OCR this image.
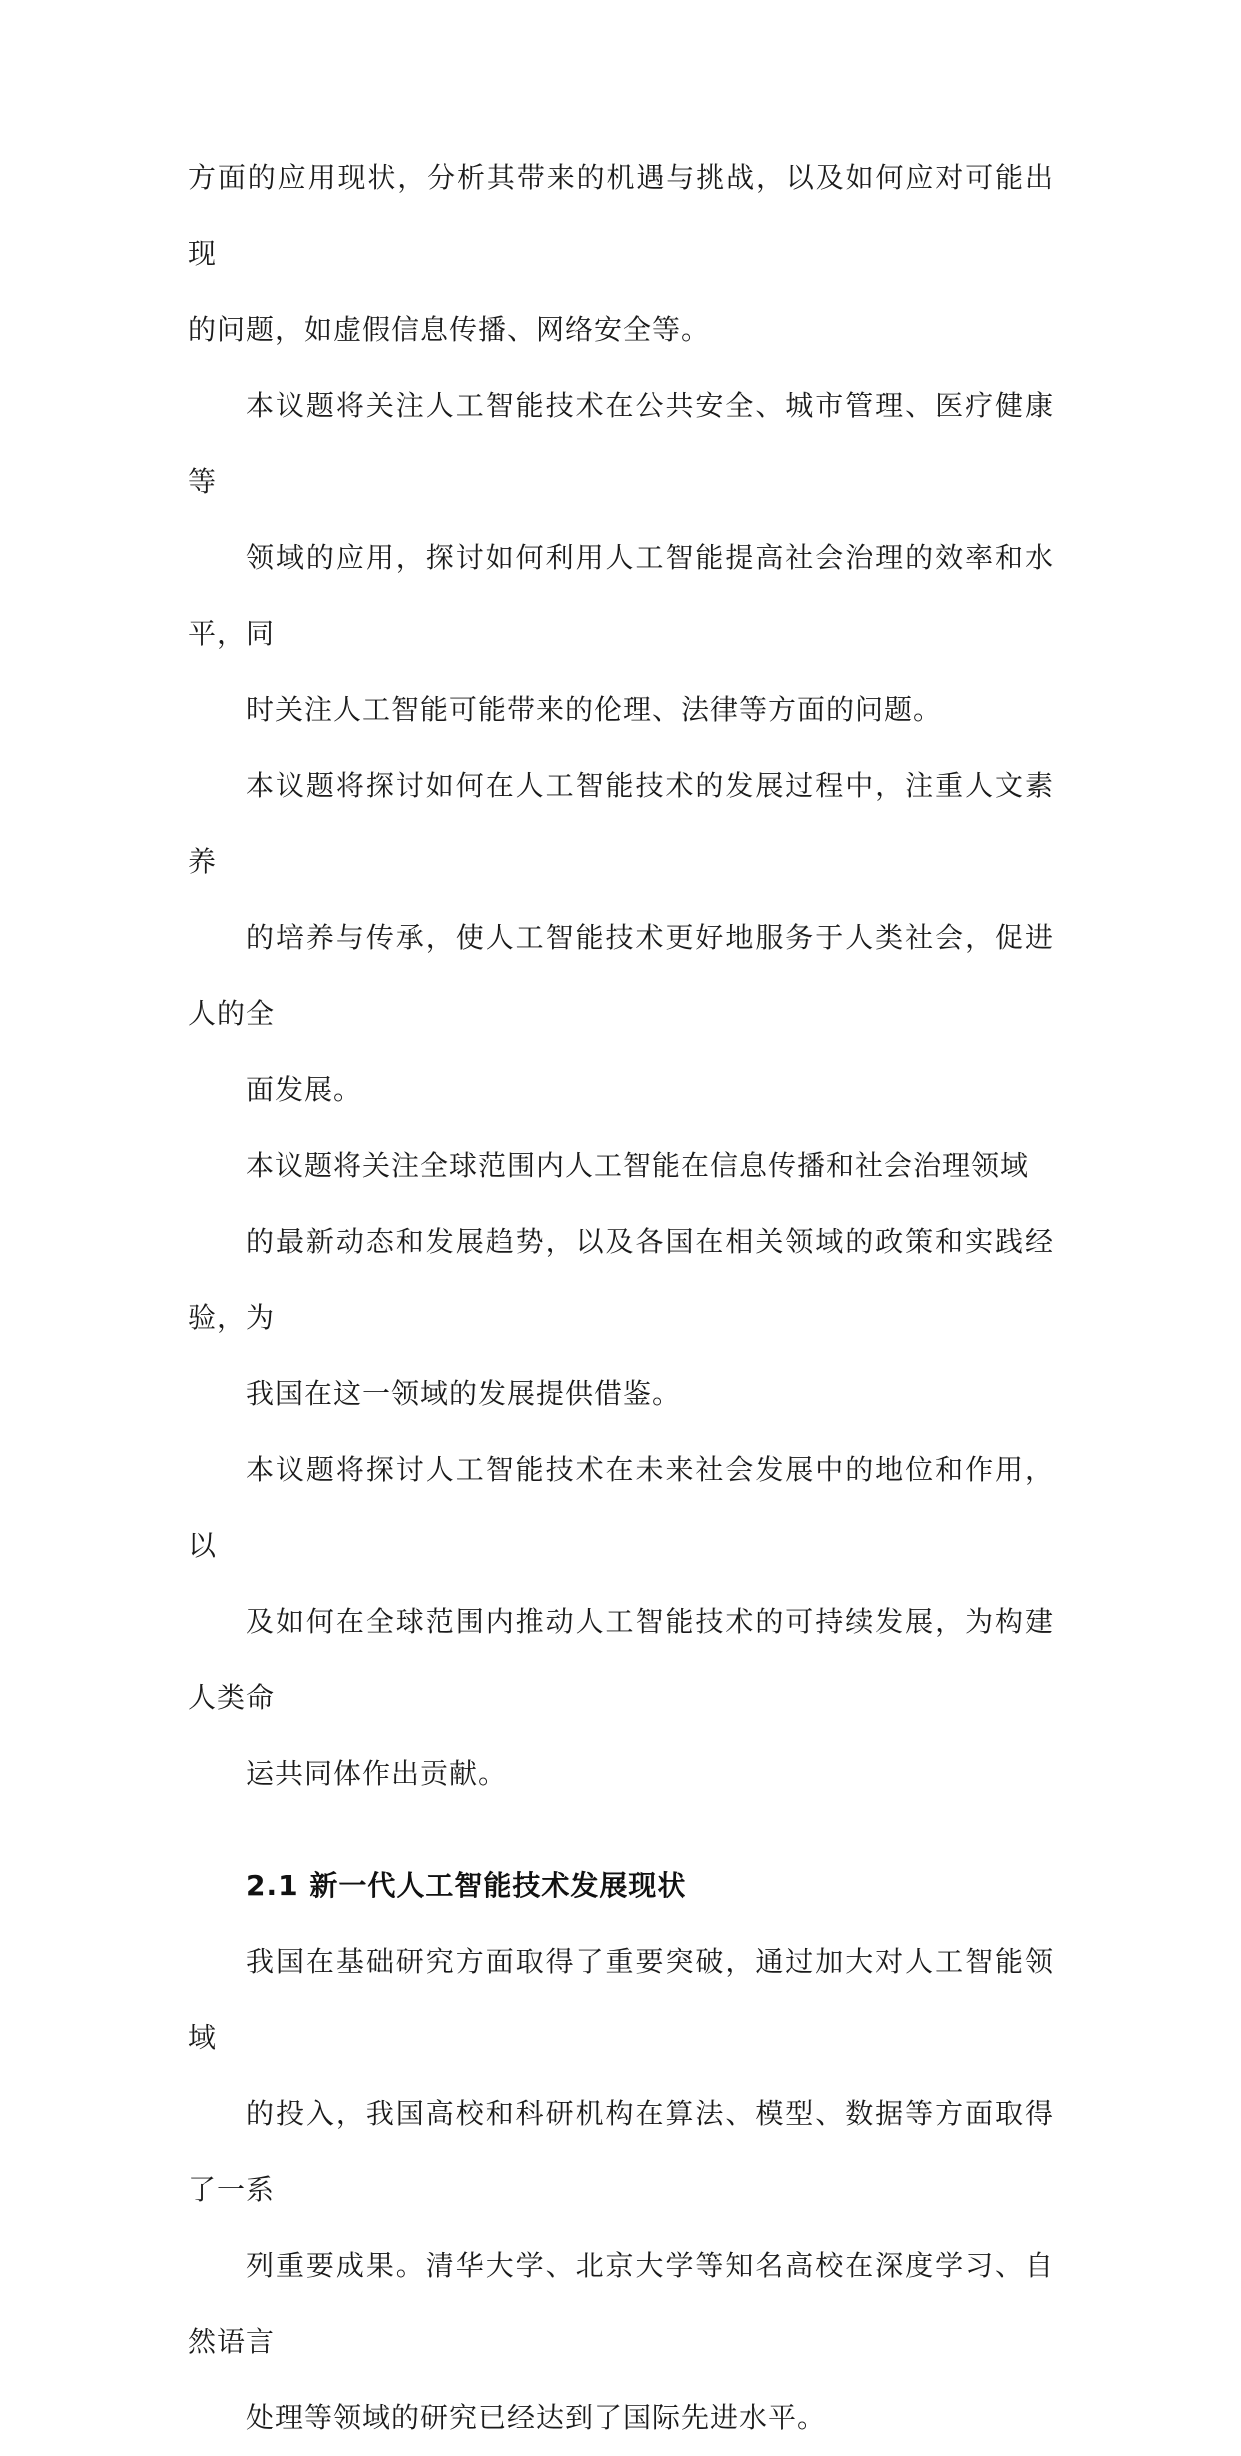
方面的应用现状，分析其带来的机遇与挑战，以及如何应对可能出现
的问题，如虚假信息传播、网络安全等。

本议题将关注人工智能技术在公共安全、城市管理、医疗健康等
领域的应用，探讨如何利用人工智能提高社会治理的效率和水平，同
时关注人工智能可能带来的伦理、法律等方面的问题。

本议题将探讨如何在人工智能技术的发展过程中，注重人文素养
的培养与传承，使人工智能技术更好地服务于人类社会，促进人的全
面发展。

本议题将关注全球范围内人工智能在信息传播和社会治理领域
的最新动态和发展趋势，以及各国在相关领域的政策和实践经验，为
我国在这一领域的发展提供借鉴。

本议题将探讨人工智能技术在未来社会发展中的地位和作用，以
及如何在全球范围内推动人工智能技术的可持续发展，为构建人类命
运共同体作出贡献。

2.1 新一代人工智能技术发展现状

我国在基础研究方面取得了重要突破，通过加大对人工智能领域
的投入，我国高校和科研机构在算法、模型、数据等方面取得了一系
列重要成果。清华大学、北京大学等知名高校在深度学习、自然语言
处理等领域的研究已经达到了国际先进水平。
